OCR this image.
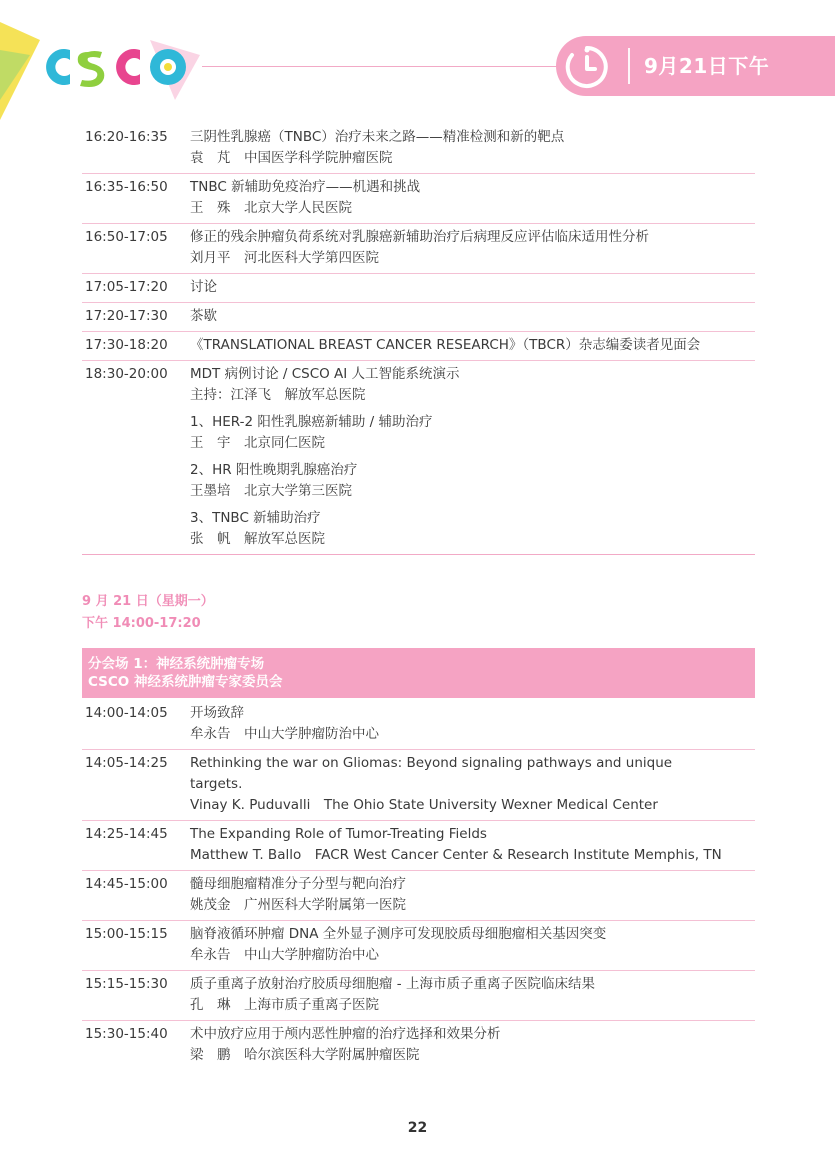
9月21日下午
16:20-16:35	三阴性乳腺癌（TNBC）治疗未来之路——精准检测和新的靶点
袁　芃　中国医学科学院肿瘤医院
16:35-16:50	TNBC 新辅助免疫治疗——机遇和挑战
王　殊　北京大学人民医院
16:50-17:05	修正的残余肿瘤负荷系统对乳腺癌新辅助治疗后病理反应评估临床适用性分析
刘月平　河北医科大学第四医院
17:05-17:20	讨论
17:20-17:30	茶歇
17:30-18:20	《TRANSLATIONAL BREAST CANCER RESEARCH》（TBCR）杂志编委读者见面会
18:30-20:00	MDT 病例讨论 / CSCO AI 人工智能系统演示
主持：江泽飞　解放军总医院
1、HER-2 阳性乳腺癌新辅助 / 辅助治疗
王　宇　北京同仁医院
2、HR 阳性晚期乳腺癌治疗
王墨培　北京大学第三医院
3、TNBC 新辅助治疗
张　帆　解放军总医院
9 月 21 日（星期一）
下午 14:00-17:20
分会场 1：神经系统肿瘤专场
CSCO 神经系统肿瘤专家委员会
14:00-14:05	开场致辞
牟永告　中山大学肿瘤防治中心
14:05-14:25	Rethinking the war on Gliomas: Beyond signaling pathways and unique
targets.
Vinay K. Puduvalli　The Ohio State University Wexner Medical Center
14:25-14:45	The Expanding Role of Tumor-Treating Fields
Matthew T. Ballo　FACR West Cancer Center & Research Institute Memphis, TN
14:45-15:00	髓母细胞瘤精准分子分型与靶向治疗
姚茂金　广州医科大学附属第一医院
15:00-15:15	脑脊液循环肿瘤 DNA 全外显子测序可发现胶质母细胞瘤相关基因突变
牟永告　中山大学肿瘤防治中心
15:15-15:30	质子重离子放射治疗胶质母细胞瘤 - 上海市质子重离子医院临床结果
孔　琳　上海市质子重离子医院
15:30-15:40	术中放疗应用于颅内恶性肿瘤的治疗选择和效果分析
梁　鹏　哈尔滨医科大学附属肿瘤医院
22
